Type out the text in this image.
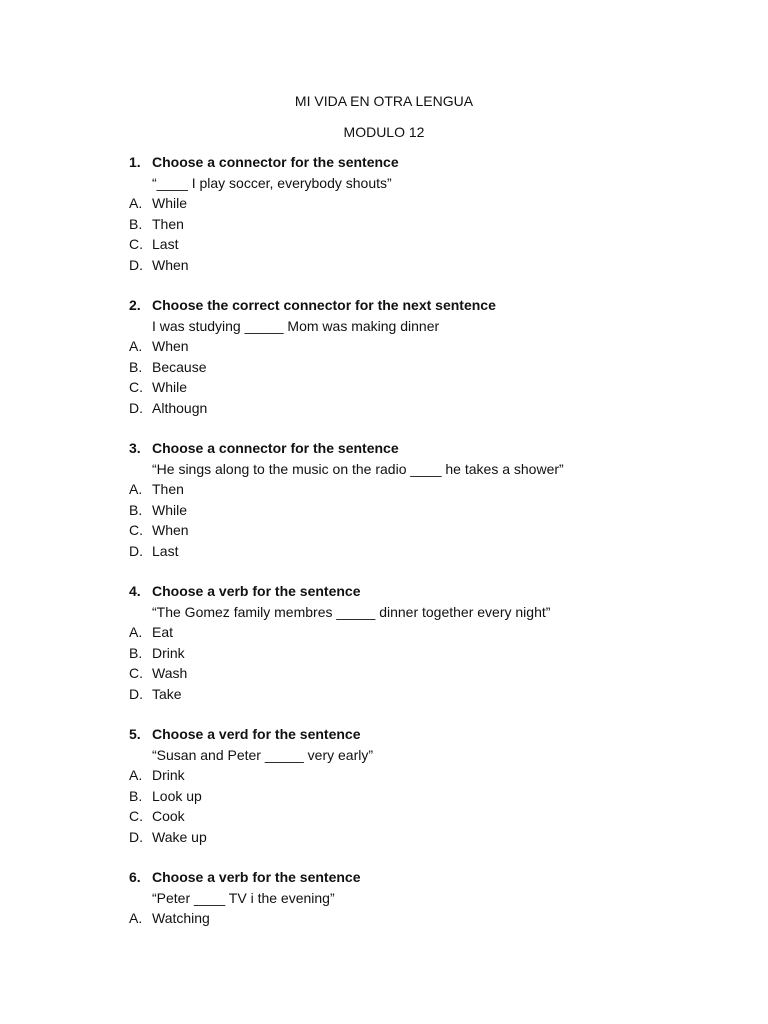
MI VIDA EN OTRA LENGUA
MODULO 12
1. Choose a connector for the sentence
“____ I play soccer, everybody shouts”
A. While
B. Then
C. Last
D. When
2. Choose the correct connector for the next sentence
I was studying _____ Mom was making dinner
A. When
B. Because
C. While
D. Althougn
3. Choose a connector for the sentence
“He sings along to the music on the radio ____ he takes a shower”
A. Then
B. While
C. When
D. Last
4. Choose a verb for the sentence
“The Gomez family membres _____ dinner together every night”
A. Eat
B. Drink
C. Wash
D. Take
5. Choose a verd for the sentence
“Susan and Peter _____ very early”
A. Drink
B. Look up
C. Cook
D. Wake up
6. Choose a verb for the sentence
“Peter ____ TV i the evening”
A. Watching
